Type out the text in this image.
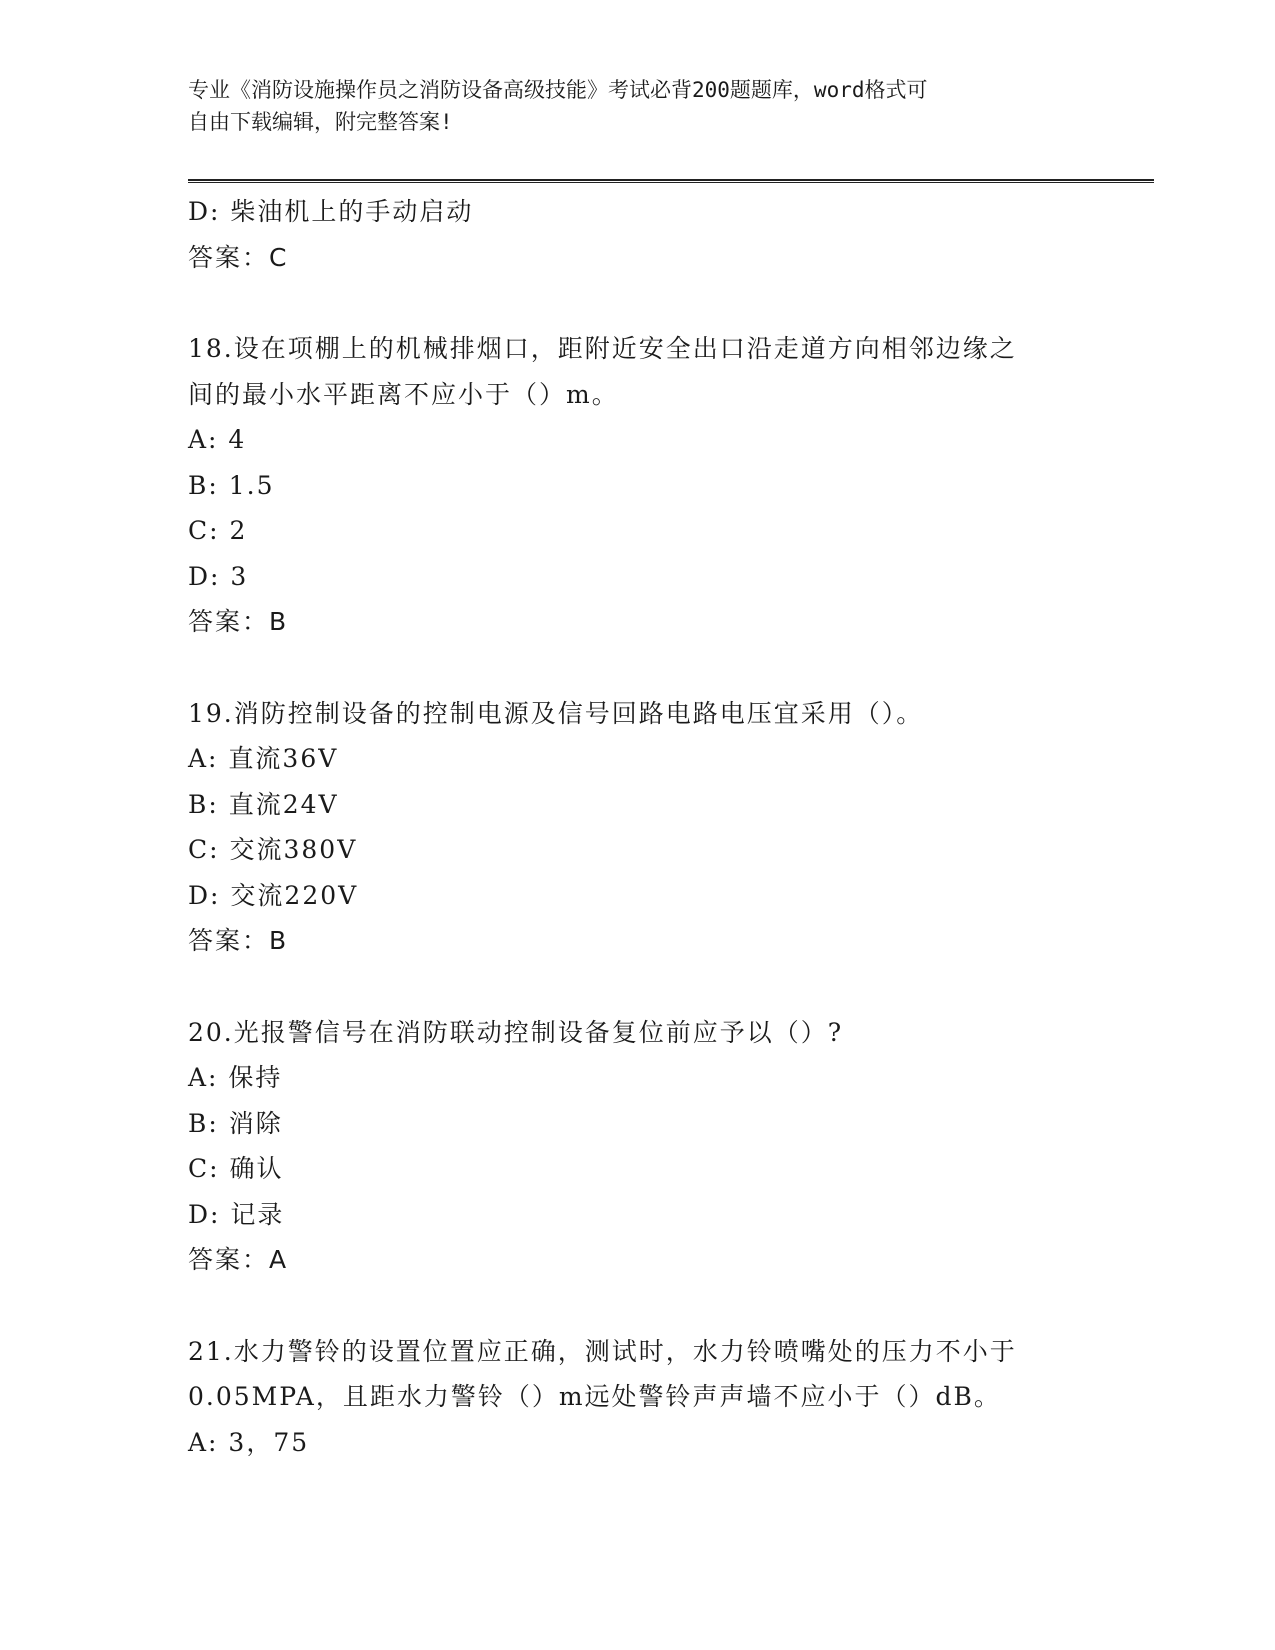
专业《消防设施操作员之消防设备高级技能》考试必背200题题库，word格式可
自由下载编辑，附完整答案!
D: 柴油机上的手动启动
答案：C
18.设在项棚上的机械排烟口，距附近安全出口沿走道方向相邻边缘之
间的最小水平距离不应小于（）m。
A: 4
B: 1.5
C: 2
D: 3
答案：B
19.消防控制设备的控制电源及信号回路电路电压宜采用（）。
A: 直流36V
B: 直流24V
C: 交流380V
D: 交流220V
答案：B
20.光报警信号在消防联动控制设备复位前应予以（）?
A: 保持
B: 消除
C: 确认
D: 记录
答案：A
21.水力警铃的设置位置应正确，测试时，水力铃喷嘴处的压力不小于
0.05MPA，且距水力警铃（）m远处警铃声声墙不应小于（）dB。
A: 3，75
